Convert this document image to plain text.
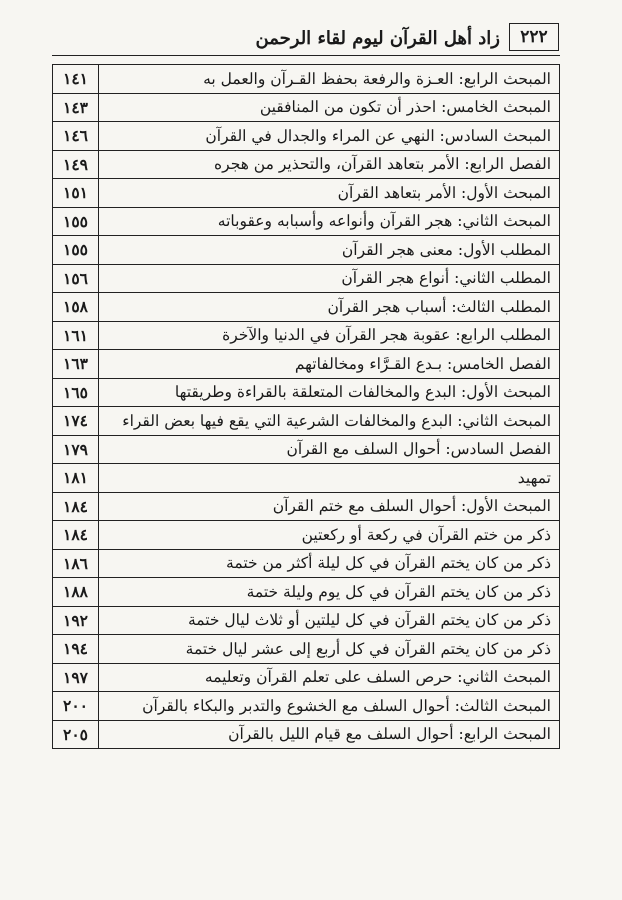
٢٢٢
زاد أهل القرآن ليوم لقاء الرحمن
المبحث الرابع: العـزة والرفعة بحفظ القـرآن والعمل به	١٤١
المبحث الخامس: احذر أن تكون من المنافقين	١٤٣
المبحث السادس: النهي عن المراء والجدال في القرآن	١٤٦
الفصل الرابع: الأمر بتعاهد القرآن، والتحذير من هجره	١٤٩
المبحث الأول: الأمر بتعاهد القرآن	١٥١
المبحث الثاني: هجر القرآن وأنواعه وأسبابه وعقوباته	١٥٥
المطلب الأول: معنى هجر القرآن	١٥٥
المطلب الثاني: أنواع هجر القرآن	١٥٦
المطلب الثالث: أسباب هجر القرآن	١٥٨
المطلب الرابع: عقوبة هجر القرآن في الدنيا والآخرة	١٦١
الفصل الخامس: بـدع القـرَّاء ومخالفاتهم	١٦٣
المبحث الأول: البدع والمخالفات المتعلقة بالقراءة وطريقتها	١٦٥
المبحث الثاني: البدع والمخالفات الشرعية التي يقع فيها بعض القراء	١٧٤
الفصل السادس: أحوال السلف مع القرآن	١٧٩
تمهيد	١٨١
المبحث الأول: أحوال السلف مع ختم القرآن	١٨٤
ذكر من ختم القرآن في ركعة أو ركعتين	١٨٤
ذكر من كان يختم القرآن في كل ليلة أكثر من ختمة	١٨٦
ذكر من كان يختم القرآن في كل يوم وليلة ختمة	١٨٨
ذكر من كان يختم القرآن في كل ليلتين أو ثلاث ليال ختمة	١٩٢
ذكر من كان يختم القرآن في كل أربع إلى عشر ليال ختمة	١٩٤
المبحث الثاني: حرص السلف على تعلم القرآن وتعليمه	١٩٧
المبحث الثالث: أحوال السلف مع الخشوع والتدبر والبكاء بالقرآن	٢٠٠
المبحث الرابع: أحوال السلف مع قيام الليل بالقرآن	٢٠٥
